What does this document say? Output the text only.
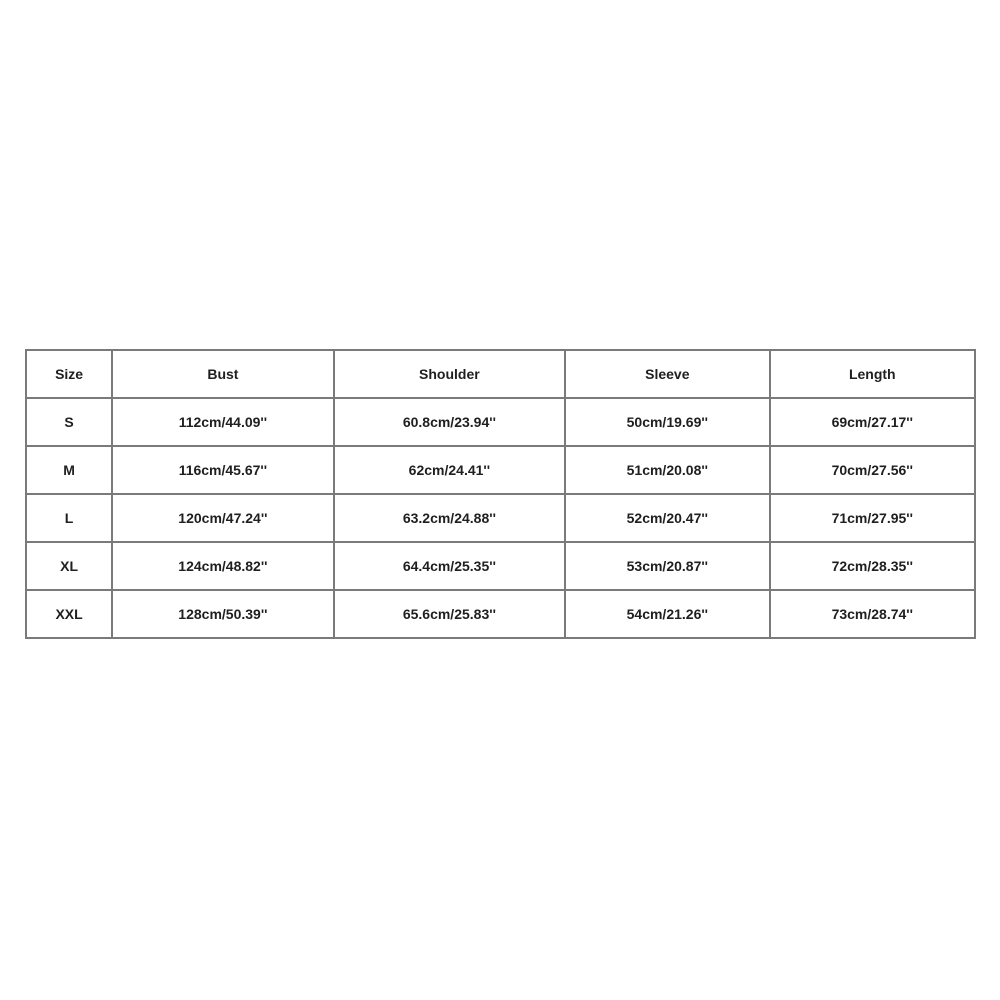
Size	Bust	Shoulder	Sleeve	Length
S	112cm/44.09''	60.8cm/23.94''	50cm/19.69''	69cm/27.17''
M	116cm/45.67''	62cm/24.41''	51cm/20.08''	70cm/27.56''
L	120cm/47.24''	63.2cm/24.88''	52cm/20.47''	71cm/27.95''
XL	124cm/48.82''	64.4cm/25.35''	53cm/20.87''	72cm/28.35''
XXL	128cm/50.39''	65.6cm/25.83''	54cm/21.26''	73cm/28.74''
